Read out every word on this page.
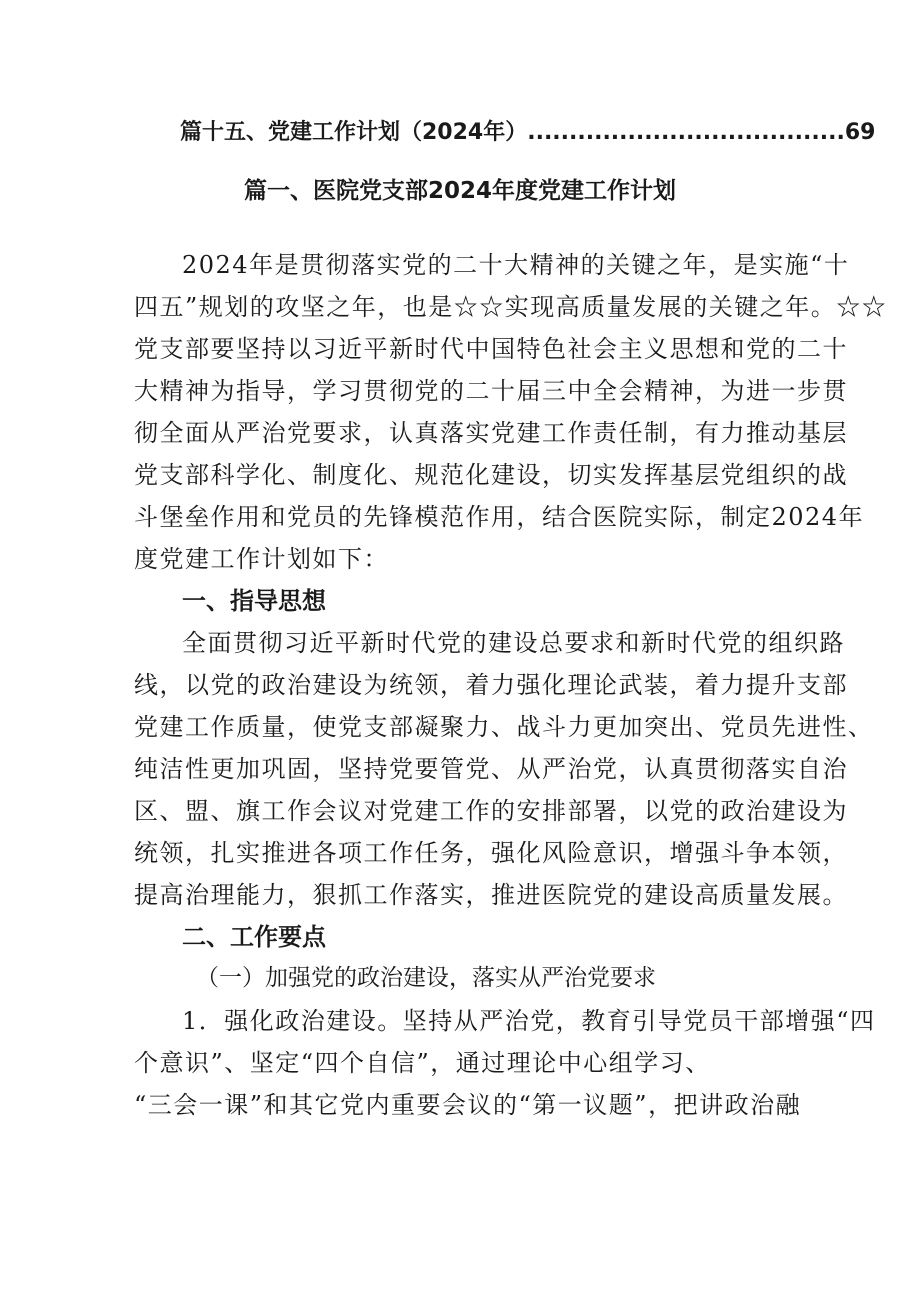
篇十五、党建工作计划（2024年）......................................69
篇一、医院党支部2024年度党建工作计划
2024年是贯彻落实党的二十大精神的关键之年，是实施“十
四五”规划的攻坚之年，也是☆☆实现高质量发展的关键之年。☆☆
党支部要坚持以习近平新时代中国特色社会主义思想和党的二十
大精神为指导，学习贯彻党的二十届三中全会精神，为进一步贯
彻全面从严治党要求，认真落实党建工作责任制，有力推动基层
党支部科学化、制度化、规范化建设，切实发挥基层党组织的战
斗堡垒作用和党员的先锋模范作用，结合医院实际，制定2024年
度党建工作计划如下：
一、指导思想
全面贯彻习近平新时代党的建设总要求和新时代党的组织路
线，以党的政治建设为统领，着力强化理论武装，着力提升支部
党建工作质量，使党支部凝聚力、战斗力更加突出、党员先进性、
纯洁性更加巩固，坚持党要管党、从严治党，认真贯彻落实自治
区、盟、旗工作会议对党建工作的安排部署，以党的政治建设为
统领，扎实推进各项工作任务，强化风险意识，增强斗争本领，
提高治理能力，狠抓工作落实，推进医院党的建设高质量发展。
二、工作要点
（一）加强党的政治建设，落实从严治党要求
1．强化政治建设。坚持从严治党，教育引导党员干部增强“四
个意识”、坚定“四个自信”，通过理论中心组学习、
“三会一课”和其它党内重要会议的“第一议题”，把讲政治融
